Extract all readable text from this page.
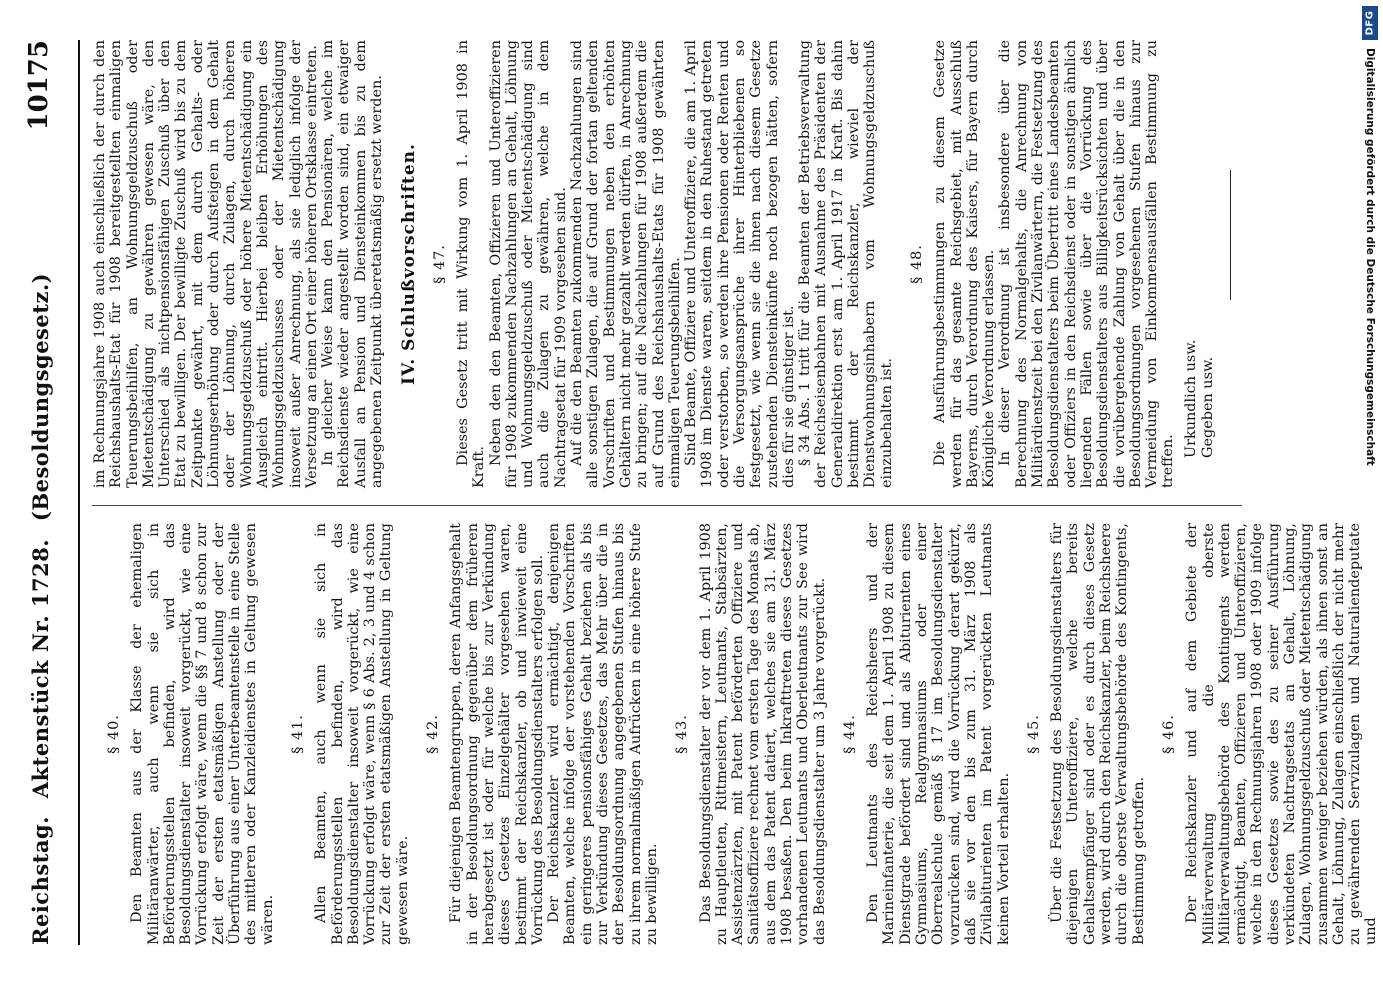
Reichstag. Aktenstück Nr. 1728. (Besoldungsgesetz.)
10175
§ 40. Den Beamten aus der Klasse der ehemaligen Militäranwärter, auch wenn sie sich in Beförderungsstellen befinden, wird das Besoldungsdienstalter insoweit vorgerückt, wie eine Vorrückung erfolgt wäre, wenn die §§ 7 und 8 schon zur Zeit der ersten etatsmäßigen Anstellung oder der Überführung aus einer Unterbeamtenstelle in eine Stelle des mittleren oder Kanzleidienstes in Geltung gewesen wären.

§ 41. Allen Beamten, auch wenn sie sich in Beförderungsstellen befinden, wird das Besoldungsdienstalter insoweit vorgerückt, wie eine Vorrückung erfolgt wäre, wenn § 6 Abs. 2, 3 und 4 schon zur Zeit der ersten etatsmäßigen Anstellung in Geltung gewesen wäre.

§ 42. Für diejenigen Beamtengruppen, deren Anfangsgehalt in der Besoldungsordnung gegenüber dem früheren herabgesetzt ist oder für welche bis zur Verkündung dieses Gesetzes Einzelgehälter vorgesehen waren, bestimmt der Reichskanzler, ob und inwieweit eine Vorrückung des Besoldungsdienstalters erfolgen soll. Der Reichskanzler wird ermächtigt, denjenigen Beamten, welche infolge der vorstehenden Vorschriften ein geringeres pensionsfähiges Gehalt beziehen als bis zur Verkündung dieses Gesetzes, das Mehr über die in der Besoldungsordnung angegebenen Stufen hinaus bis zu ihrem normalmäßigen Aufrücken in eine höhere Stufe zu bewilligen.

§ 43. Das Besoldungsdienstalter der vor dem 1. April 1908 zu Hauptleuten, Rittmeistern, Leutnants, Stabsärzten, Assistenzärzten, mit Patent beförderten Offiziere und Sanitätsoffiziere rechnet vom ersten Tage des Monats ab, aus dem das Patent datiert, welches sie am 31. März 1908 besaßen. Den beim Inkrafttreten dieses Gesetzes vorhandenen Leutnants und Oberleutnants zur See wird das Besoldungsdienstalter um 3 Jahre vorgerückt. § 44. Den Leutnants des Reichsheers und der Marineinfanterie, die seit dem 1. April 1908 zu diesem Dienstgrade befördert sind und als Abiturienten eines Gymnasiums, Realgymnasiums oder einer Oberrealschule gemäß § 17 im Besoldungsdienstalter vorzurücken sind, wird die Vorrückung derart gekürzt, daß sie vor den bis zum 31. März 1908 als Zivilabiturienten im Patent vorgerückten Leutnants keinen Vorteil erhalten.

§ 45. Über die Festsetzung des Besoldungsdienstalters für diejenigen Unteroffiziere, welche bereits Gehaltsempfänger sind oder es durch dieses Gesetz werden, wird durch den Reichskanzler, beim Reichsheere durch die oberste Verwaltungsbehörde des Kontingents, Bestimmung getroffen.

§ 46. Der Reichskanzler und auf dem Gebiete der Militärverwaltung die oberste Militärverwaltungsbehörde des Kontingents werden ermächtigt, Beamten, Offizieren und Unteroffizieren, welche in den Rechnungsjahren 1908 oder 1909 infolge dieses Gesetzes sowie des zu seiner Ausführung verkündeten Nachtragsetats an Gehalt, Löhnung, Zulagen, Wohnungsgeldzuschuß oder Mietentschädigung zusammen weniger beziehen würden, als ihnen sonst an Gehalt, Löhnung, Zulagen einschließlich der nicht mehr zu gewährenden Servizulagen und Naturaliendeputate und

im Rechnungsjahre 1908 auch einschließlich der durch den Reichshaushalts-Etat für 1908 bereitgestellten einmaligen Teuerungsbeihilfen, an Wohnungsgeldzuschuß oder Mietentschädigung zu gewähren gewesen wäre, den Unterschied als nichtpensionsfähigen Zuschuß über den Etat zu bewilligen. Der bewilligte Zuschuß wird bis zu dem Zeitpunkte gewährt, mit dem durch Gehalts- oder Löhnungserhöhung oder durch Aufsteigen in dem Gehalt oder der Löhnung, durch Zulagen, durch höheren Wohnungsgeldzuschuß oder höhere Mietentschädigung ein Ausgleich eintritt. Hierbei bleiben Erhöhungen des Wohnungsgeldzuschusses oder der Mietentschädigung insoweit außer Anrechnung, als sie lediglich infolge der Versetzung an einen Ort einer höheren Ortsklasse eintreten. In gleicher Weise kann den Pensionären, welche im Reichsdienste wieder angestellt worden sind, ein etwaiger Ausfall an Pension und Diensteinkommen bis zu dem angegebenen Zeitpunkt überetatsmäßig ersetzt werden. IV. Schlußvorschriften. § 47. Dieses Gesetz tritt mit Wirkung vom 1. April 1908 in Kraft.

Neben den den Beamten, Offizieren und Unteroffizieren für 1908 zukommenden Nachzahlungen an Gehalt, Löhnung und Wohnungsgeldzuschuß oder Mietentschädigung sind auch die Zulagen zu gewähren, welche in dem Nachtragsetat für 1909 vorgesehen sind. Auf die den Beamten zukommenden Nachzahlungen sind alle sonstigen Zulagen, die auf Grund der fortan geltenden Vorschriften und Bestimmungen neben den erhöhten Gehältern nicht mehr gezahlt werden dürfen, in Anrechnung zu bringen; auf die Nachzahlungen für 1908 außerdem die auf Grund des Reichshaushalts-Etats für 1908 gewährten einmaligen Teuerungsbeihilfen. Sind Beamte, Offiziere und Unteroffiziere, die am 1. April 1908 im Dienste waren, seitdem in den Ruhestand getreten oder verstorben, so werden ihre Pensionen oder Renten und die Versorgungsansprüche ihrer Hinterbliebenen so festgesetzt, wie wenn sie die ihnen nach diesem Gesetze zustehenden Diensteinkünfte noch bezogen hätten, sofern dies für sie günstiger ist. § 34 Abs. 1 tritt für die Beamten der Betriebsverwaltung der Reichseisenbahnen mit Ausnahme des Präsidenten der Generaldirektion erst am 1. April 1917 in Kraft. Bis dahin bestimmt der Reichskanzler, wieviel der Dienstwohnungsinhabern vom Wohnungsgeldzuschuß einzubehalten ist.

§ 48. Die Ausführungsbestimmungen zu diesem Gesetze werden für das gesamte Reichsgebiet, mit Ausschluß Bayerns, durch Verordnung des Kaisers, für Bayern durch Königliche Verordnung erlassen. In dieser Verordnung ist insbesondere über die Berechnung des Normalgehalts, die Anrechnung von Militärdienstzeit bei den Zivilanwärtern, die Festsetzung des Besoldungsdienstalters beim Übertritt eines Landesbeamten oder Offiziers in den Reichsdienst oder in sonstigen ähnlich liegenden Fällen sowie über die Vorrückung des Besoldungsdienstalters aus Billigkeitsrücksichten und über die vorübergehende Zahlung von Gehalt über die in den Besoldungsordnungen vorgesehenen Stufen hinaus zur Vermeidung von Einkommensausfällen Bestimmung zu treffen.

Urkundlich usw. Gegeben usw.
DFG
Digitalisierung gefördert durch die Deutsche Forschungsgemeinschaft
